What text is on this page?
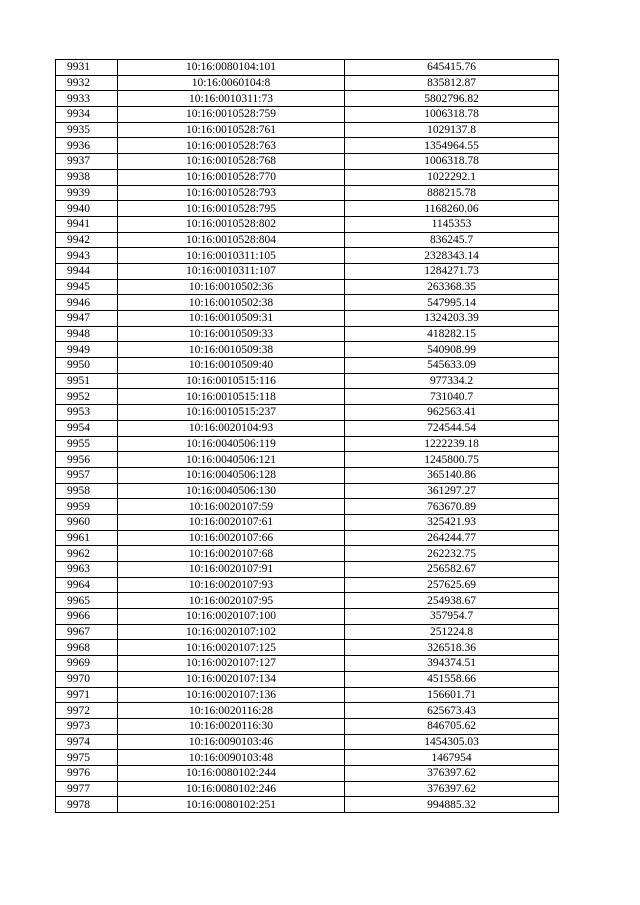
9931	10:16:0080104:101	645415.76
9932	10:16:0060104:8	835812.87
9933	10:16:0010311:73	5802796.82
9934	10:16:0010528:759	1006318.78
9935	10:16:0010528:761	1029137.8
9936	10:16:0010528:763	1354964.55
9937	10:16:0010528:768	1006318.78
9938	10:16:0010528:770	1022292.1
9939	10:16:0010528:793	888215.78
9940	10:16:0010528:795	1168260.06
9941	10:16:0010528:802	1145353
9942	10:16:0010528:804	836245.7
9943	10:16:0010311:105	2328343.14
9944	10:16:0010311:107	1284271.73
9945	10:16:0010502:36	263368.35
9946	10:16:0010502:38	547995.14
9947	10:16:0010509:31	1324203.39
9948	10:16:0010509:33	418282.15
9949	10:16:0010509:38	540908.99
9950	10:16:0010509:40	545633.09
9951	10:16:0010515:116	977334.2
9952	10:16:0010515:118	731040.7
9953	10:16:0010515:237	962563.41
9954	10:16:0020104:93	724544.54
9955	10:16:0040506:119	1222239.18
9956	10:16:0040506:121	1245800.75
9957	10:16:0040506:128	365140.86
9958	10:16:0040506:130	361297.27
9959	10:16:0020107:59	763670.89
9960	10:16:0020107:61	325421.93
9961	10:16:0020107:66	264244.77
9962	10:16:0020107:68	262232.75
9963	10:16:0020107:91	256582.67
9964	10:16:0020107:93	257625.69
9965	10:16:0020107:95	254938.67
9966	10:16:0020107:100	357954.7
9967	10:16:0020107:102	251224.8
9968	10:16:0020107:125	326518.36
9969	10:16:0020107:127	394374.51
9970	10:16:0020107:134	451558.66
9971	10:16:0020107:136	156601.71
9972	10:16:0020116:28	625673.43
9973	10:16:0020116:30	846705.62
9974	10:16:0090103:46	1454305.03
9975	10:16:0090103:48	1467954
9976	10:16:0080102:244	376397.62
9977	10:16:0080102:246	376397.62
9978	10:16:0080102:251	994885.32
